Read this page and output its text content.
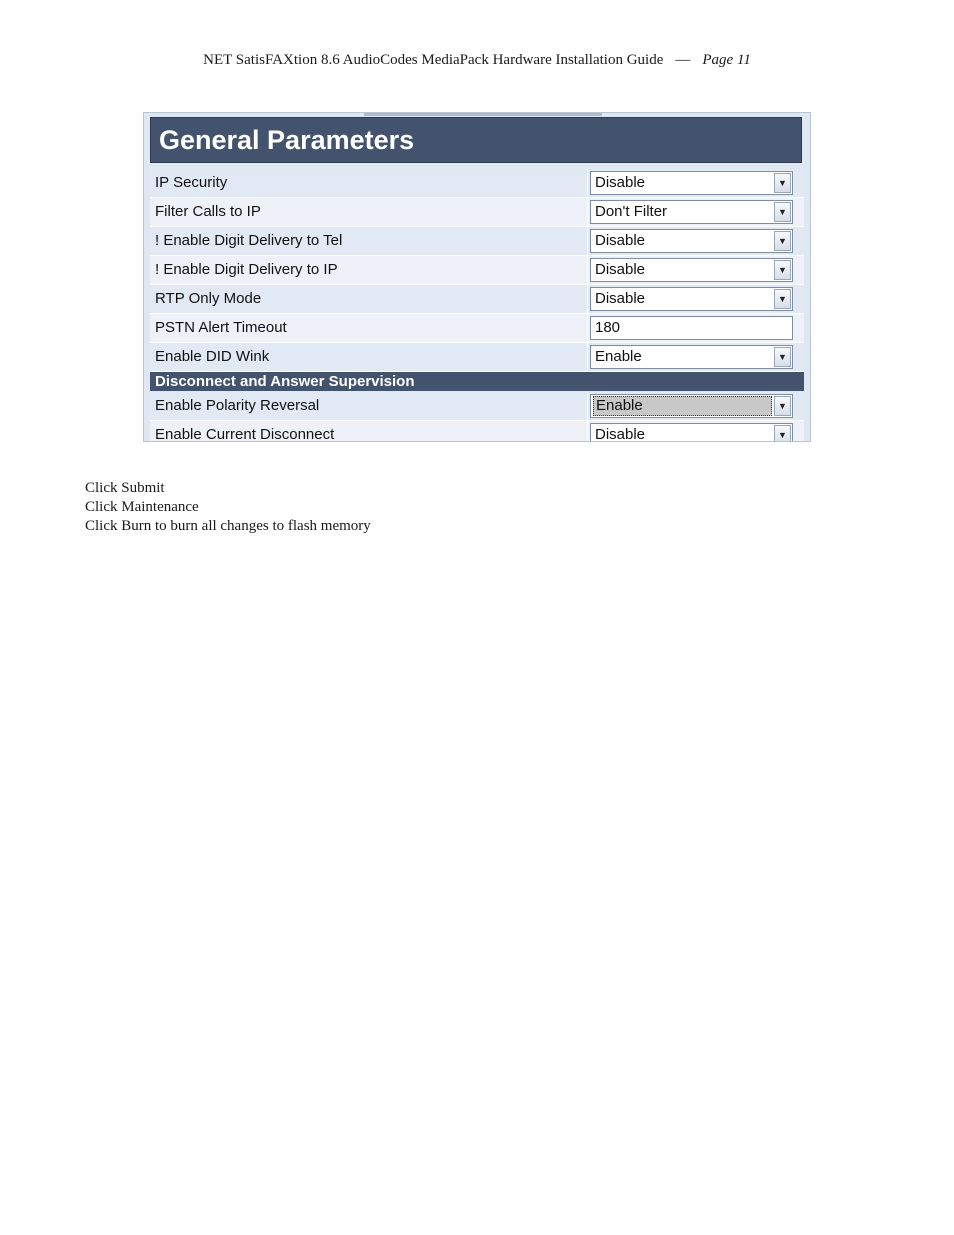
NET SatisFAXtion 8.6 AudioCodes MediaPack Hardware Installation Guide — Page 11
General Parameters
IP Security	Disable	▼
Filter Calls to IP	Don't Filter	▼
! Enable Digit Delivery to Tel	Disable	▼
! Enable Digit Delivery to IP	Disable	▼
RTP Only Mode	Disable	▼
PSTN Alert Timeout	180
Enable DID Wink	Enable	▼
Disconnect and Answer Supervision
Enable Polarity Reversal	Enable	▼
Enable Current Disconnect	Disable	▼
Click Submit
Click Maintenance
Click Burn to burn all changes to flash memory
